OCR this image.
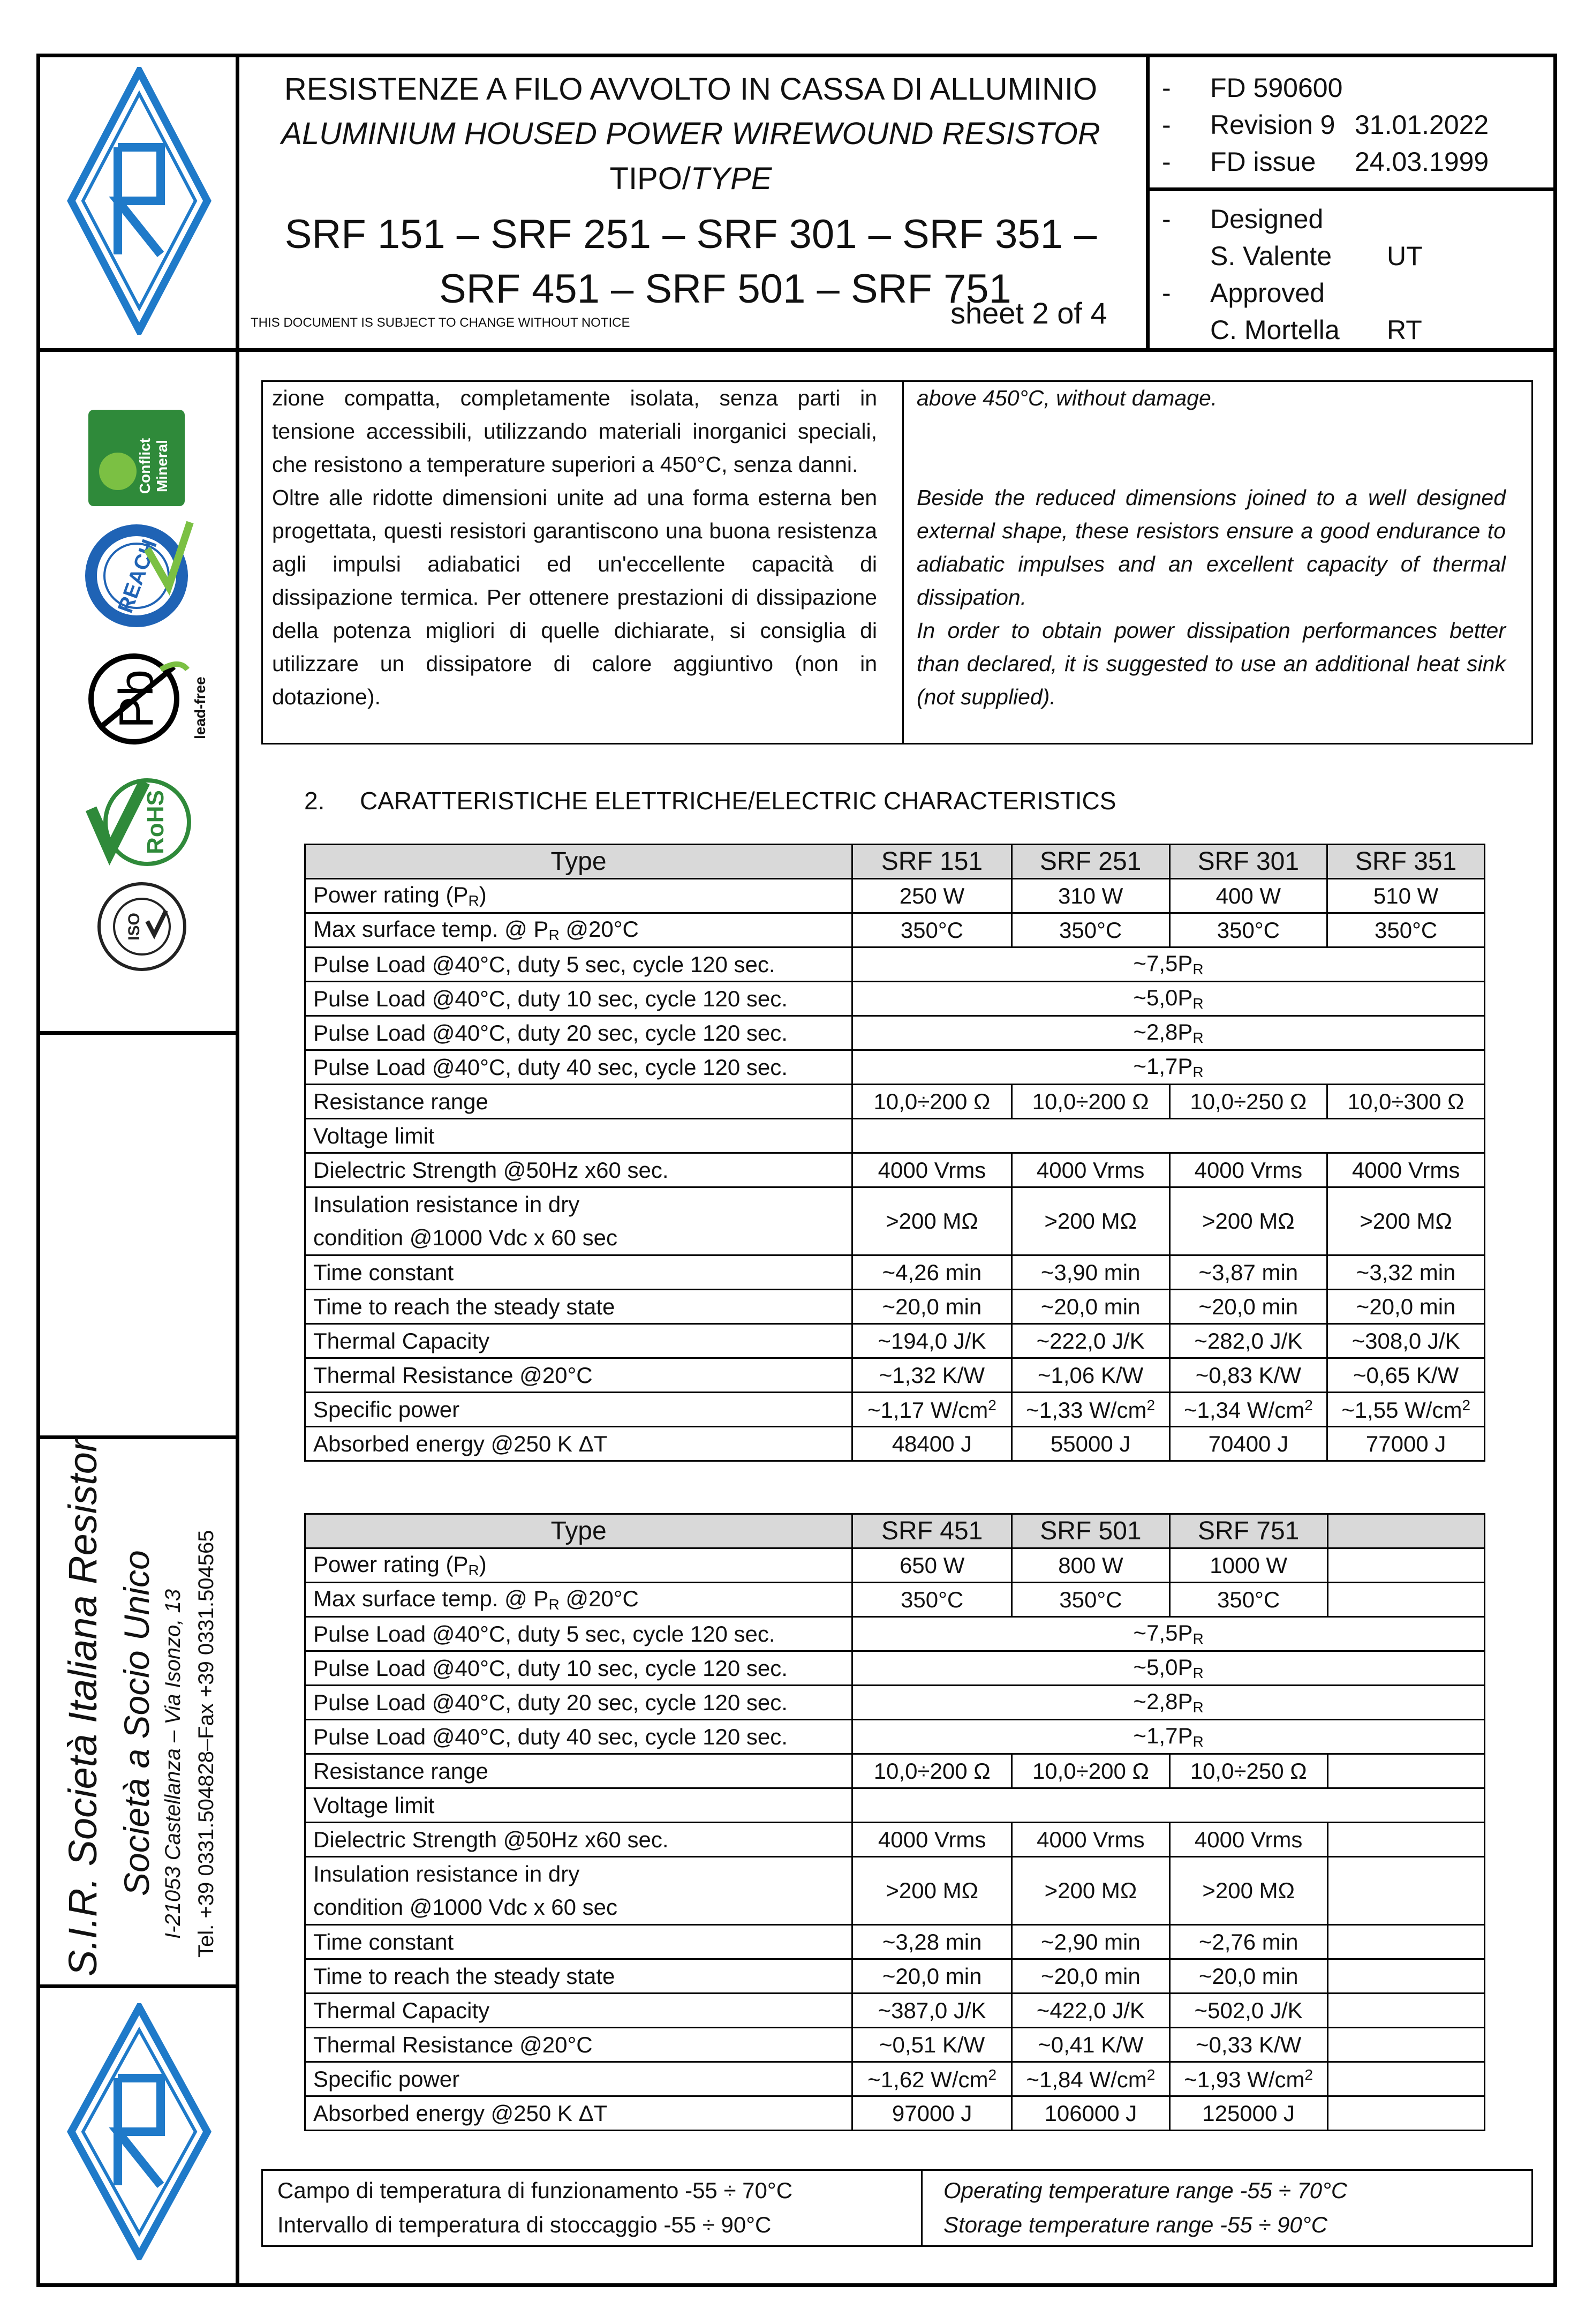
RESISTENZE A FILO AVVOLTO IN CASSA DI ALLUMINIO
ALUMINIUM HOUSED POWER WIREWOUND RESISTOR
TIPO/TYPE
SRF 151 – SRF 251 – SRF 301 – SRF 351 –
SRF 451 – SRF 501 – SRF 751
sheet 2 of 4
THIS DOCUMENT IS SUBJECT TO CHANGE WITHOUT NOTICE
- FD 590600
- Revision 9 31.01.2022
- FD issue 24.03.1999
- Designed
S. Valente UT
- Approved
C. Mortella RT
Conflict Mineral
REACH
Pb lead-free
RoHS
ISO
S.I.R. Società Italiana Resistor Società a Socio Unico I-21053 Castellanza – Via Isonzo, 13 Tel. +39 0331.504828–Fax +39 0331.504565
zione compatta, completamente isolata, senza parti in tensione accessibili, utilizzando materiali inorganici speciali, che resistono a temperature superiori a 450°C, senza danni.
Oltre alle ridotte dimensioni unite ad una forma esterna ben progettata, questi resistori garantiscono una buona resistenza agli impulsi adiabatici ed un'eccellente capacità di dissipazione termica. Per ottenere prestazioni di dissipazione della potenza migliori di quelle dichiarate, si consiglia di utilizzare un dissipatore di calore aggiuntivo (non in dotazione).
above 450°C, without damage.
Beside the reduced dimensions joined to a well designed external shape, these resistors ensure a good endurance to adiabatic impulses and an excellent capacity of thermal dissipation.
In order to obtain power dissipation performances better than declared, it is suggested to use an additional heat sink (not supplied).
2. CARATTERISTICHE ELETTRICHE/ELECTRIC CHARACTERISTICS
Type	SRF 151	SRF 251	SRF 301	SRF 351
Power rating $(P_R)$	250 W	310 W	400 W	510 W
Max surface temp. @ $P_R$ @20°C	350°C	350°C	350°C	350°C
Pulse Load @40°C, duty 5 sec, cycle 120 sec.	$\sim 7,5P_R$
Pulse Load @40°C, duty 10 sec, cycle 120 sec.	$\sim 5,0P_R$
Pulse Load @40°C, duty 20 sec, cycle 120 sec.	$\sim 2,8P_R$
Pulse Load @40°C, duty 40 sec, cycle 120 sec.	$\sim 1,7P_R$
Resistance range	10,0÷200 Ω	10,0÷200 Ω	10,0÷250 Ω	10,0÷300 Ω
Voltage limit				
Dielectric Strength @50Hz x60 sec.	4000 Vrms	4000 Vrms	4000 Vrms	4000 Vrms

Insulation resistance in dry
condition @1000 Vdc x 60 sec	>200 MΩ	>200 MΩ	>200 MΩ	>200 MΩ
Time constant	~4,26 min	~3,90 min	~3,87 min	~3,32 min
Time to reach the steady state	~20,0 min	~20,0 min	~20,0 min	~20,0 min
Thermal Capacity	~194,0 J/K	~222,0 J/K	~282,0 J/K	~308,0 J/K
Thermal Resistance @20°C	~1,32 K/W	~1,06 K/W	~0,83 K/W	~0,65 K/W
Specific power	~1,17 $W/cm^2$	~1,33 $W/cm^2$	~1,34 $W/cm^2$	~1,55 $W/cm^2$
Absorbed energy @250 K ΔT	48400 J	55000 J	70400 J	77000 J
Type	SRF 451	SRF 501	SRF 751	
Power rating $(P_R)$	650 W	800 W	1000 W	
Max surface temp. @ $P_R$ @20°C	350°C	350°C	350°C	
Pulse Load @40°C, duty 5 sec, cycle 120 sec.	$\sim 7,5P_R$
Pulse Load @40°C, duty 10 sec, cycle 120 sec.	$\sim 5,0P_R$
Pulse Load @40°C, duty 20 sec, cycle 120 sec.	$\sim 2,8P_R$
Pulse Load @40°C, duty 40 sec, cycle 120 sec.	$\sim 1,7P_R$
Resistance range	10,0÷200 Ω	10,0÷200 Ω	10,0÷250 Ω	
Voltage limit				
Dielectric Strength @50Hz x60 sec.	4000 Vrms	4000 Vrms	4000 Vrms	

Insulation resistance in dry
condition @1000 Vdc x 60 sec	>200 MΩ	>200 MΩ	>200 MΩ	
Time constant	~3,28 min	~2,90 min	~2,76 min	
Time to reach the steady state	~20,0 min	~20,0 min	~20,0 min	
Thermal Capacity	~387,0 J/K	~422,0 J/K	~502,0 J/K	
Thermal Resistance @20°C	~0,51 K/W	~0,41 K/W	~0,33 K/W	
Specific power	~1,62 $W/cm^2$	~1,84 $W/cm^2$	~1,93 $W/cm^2$	
Absorbed energy @250 K ΔT	97000 J	106000 J	125000 J	
Campo di temperatura di funzionamento -55 ÷ 70°C
Intervallo di temperatura di stoccaggio -55 ÷ 90°C
Operating temperature range -55 ÷ 70°C
Storage temperature range -55 ÷ 90°C
